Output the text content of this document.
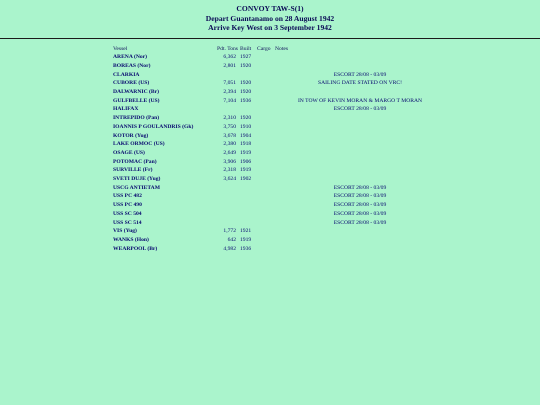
CONVOY TAW-S(1)
Depart Guantanamo on 28 August 1942
Arrive Key West on 3 September 1942
Vessel	Pdt. Tons	Built	Cargo	Notes
ARENA (Nor)	6,362	1927		
BOREAS (Nor)	2,801	1920		
CLARKIA				ESCORT 28/08 - 03/09
CUBORE (US)	7,051	1920		SAILING DATE STATED ON VRC!
DALWARNIC (Br)	2,394	1920		
GULFBELLE (US)	7,104	1936		IN TOW OF KEVIN MORAN & MARGO T MORAN
HALIFAX				ESCORT 28/08 - 03/09
INTREPIDO (Pan)	2,310	1920		
IOANNIS P GOULANDRIS (Gk)	3,750	1910		
KOTOR (Yug)	3,678	1904		
LAKE ORMOC (US)	2,380	1918		
OSAGE (US)	2,649	1919		
POTOMAC (Pan)	3,906	1906		
SURVILLE (Fr)	2,318	1919		
SVETI DUJE (Yug)	3,624	1902		
USCG ANTIETAM				ESCORT 28/08 - 03/09
USS PC 482				ESCORT 28/08 - 03/09
USS PC 490				ESCORT 28/08 - 03/09
USS SC 504				ESCORT 28/08 - 03/09
USS SC 514				ESCORT 28/08 - 03/09
VIS (Yug)	1,772	1921		
WANKS (Hon)	642	1919		
WEARPOOL (Br)	4,982	1936		
